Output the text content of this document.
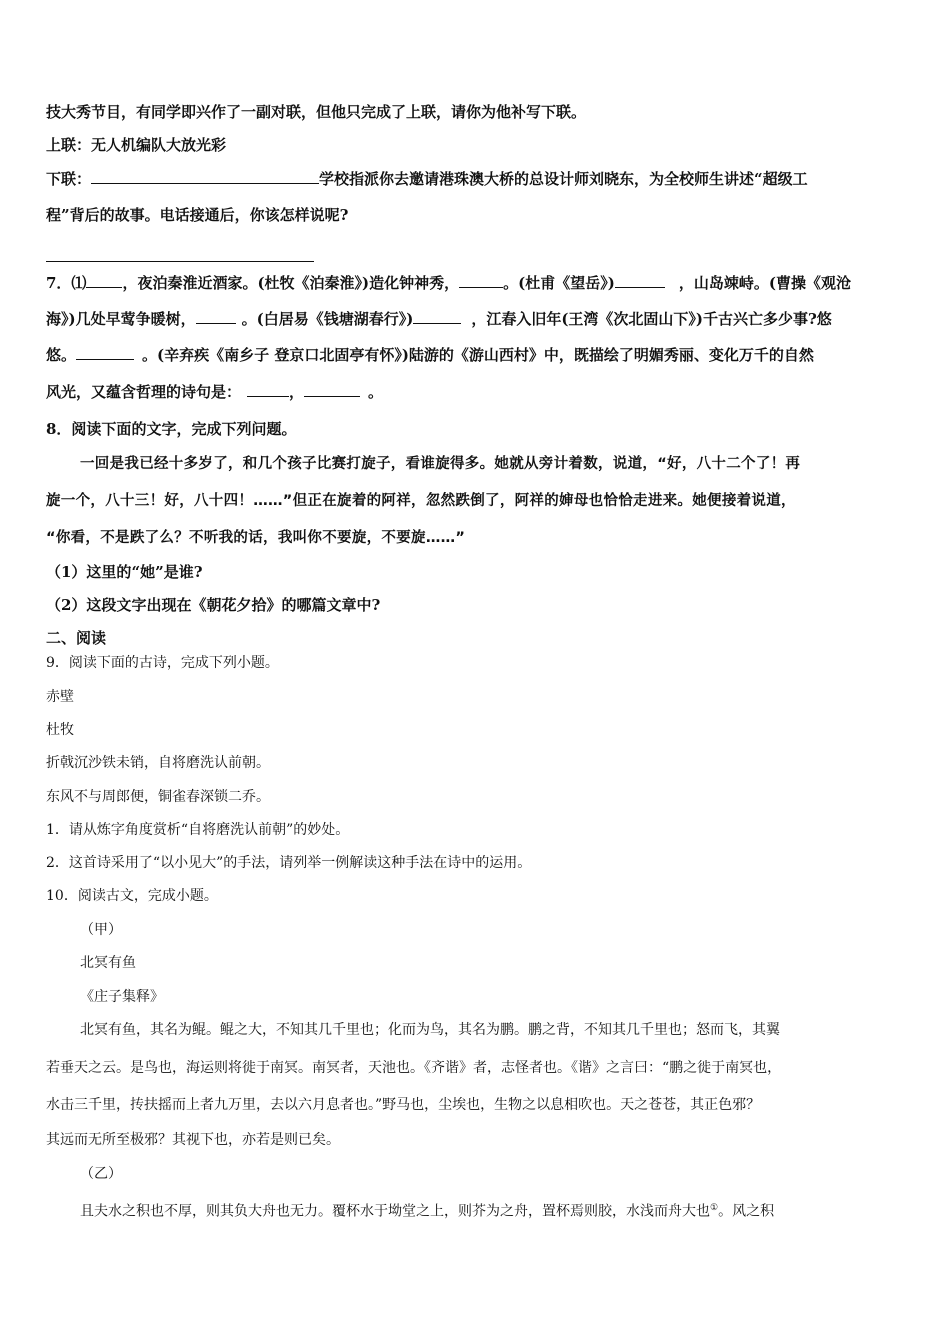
技大秀节目，有同学即兴作了一副对联，但他只完成了上联，请你为他补写下联。
上联：无人机编队大放光彩
下联：	学校指派你去邀请港珠澳大桥的总设计师刘晓东，为全校师生讲述“超级工
程”背后的故事。电话接通后，你该怎样说呢?
7．⑴ ，夜泊秦淮近酒家。(杜牧《泊秦淮》)造化钟神秀，	。(杜甫《望岳》)	，山岛竦峙。(曹操《观沧
海》)几处早莺争暖树，	。(白居易《钱塘湖春行》)	，江春入旧年(王湾《次北固山下》)千古兴亡多少事?悠
悠。	。(辛弃疾《南乡子 登京口北固亭有怀》)陆游的《游山西村》中，既描绘了明媚秀丽、变化万千的自然
风光，又蕴含哲理的诗句是：	，	。
8．阅读下面的文字，完成下列问题。
一回是我已经十多岁了，和几个孩子比赛打旋子，看谁旋得多。她就从旁计着数，说道，“好，八十二个了！再
旋一个，八十三！好，八十四！……”但正在旋着的阿祥，忽然跌倒了，阿祥的婶母也恰恰走进来。她便接着说道，
“你看，不是跌了么？不听我的话，我叫你不要旋，不要旋……”
（1）这里的“她”是谁?
（2）这段文字出现在《朝花夕拾》的哪篇文章中?
二、阅读
9．阅读下面的古诗，完成下列小题。
赤壁
杜牧
折戟沉沙铁未销，自将磨洗认前朝。
东风不与周郎便，铜雀春深锁二乔。
1．请从炼字角度赏析“自将磨洗认前朝”的妙处。
2．这首诗采用了“以小见大”的手法，请列举一例解读这种手法在诗中的运用。
10．阅读古文，完成小题。
（甲）
北冥有鱼
《庄子集释》
北冥有鱼，其名为鲲。鲲之大，不知其几千里也；化而为鸟，其名为鹏。鹏之背，不知其几千里也；怒而飞，其翼
若垂天之云。是鸟也，海运则将徙于南冥。南冥者，天池也。《齐谐》者，志怪者也。《谐》之言曰：“鹏之徙于南冥也，
水击三千里，抟扶摇而上者九万里，去以六月息者也。”野马也，尘埃也，生物之以息相吹也。天之苍苍，其正色邪？
其远而无所至极邪？其视下也，亦若是则已矣。
（乙）
且夫水之积也不厚，则其负大舟也无力。覆杯水于坳堂之上，则芥为之舟，置杯焉则胶，水浅而舟大也①。风之积
